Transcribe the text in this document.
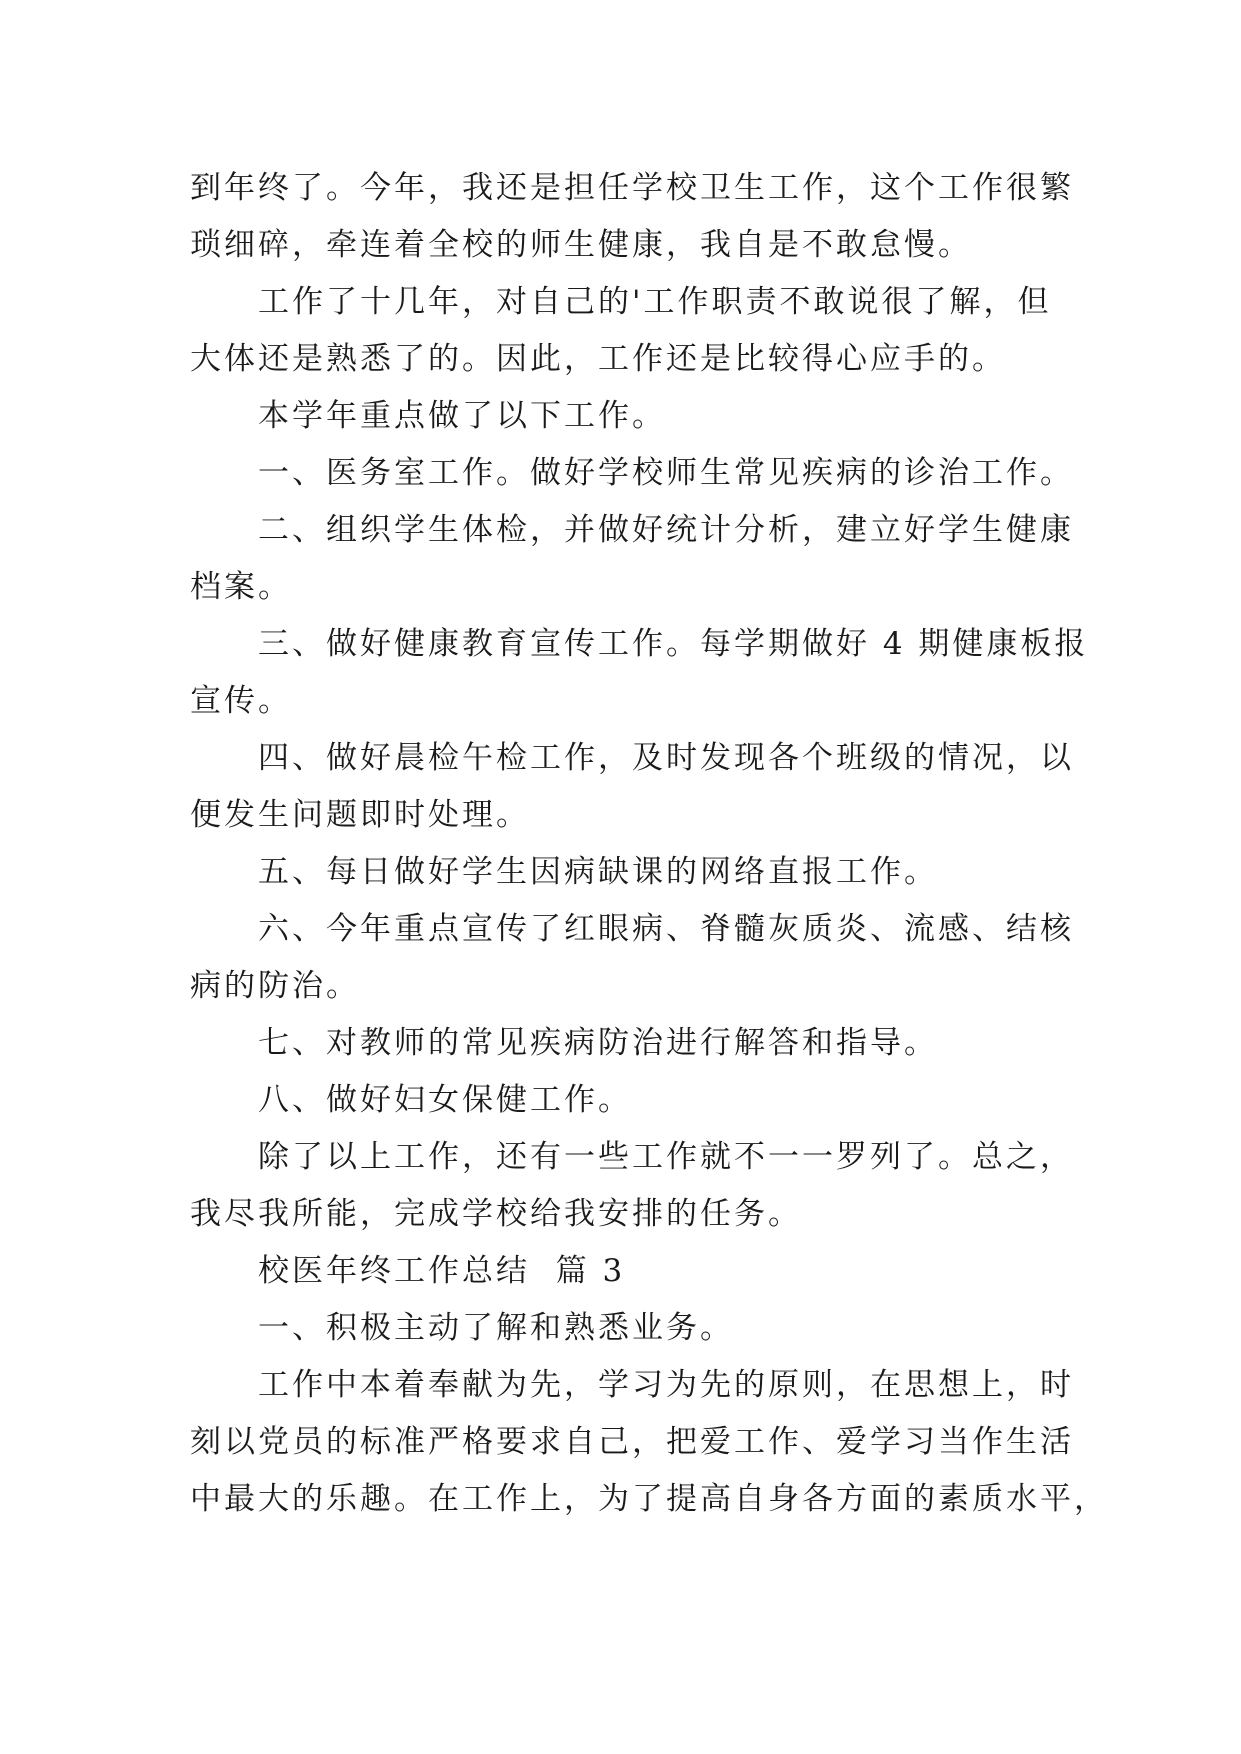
到年终了。今年，我还是担任学校卫生工作，这个工作很繁
琐细碎，牵连着全校的师生健康，我自是不敢怠慢。
工作了十几年，对自己的'工作职责不敢说很了解，但
大体还是熟悉了的。因此，工作还是比较得心应手的。
本学年重点做了以下工作。
一、医务室工作。做好学校师生常见疾病的诊治工作。
二、组织学生体检，并做好统计分析，建立好学生健康
档案。
三、做好健康教育宣传工作。每学期做好 4 期健康板报
宣传。
四、做好晨检午检工作，及时发现各个班级的情况，以
便发生问题即时处理。
五、每日做好学生因病缺课的网络直报工作。
六、今年重点宣传了红眼病、脊髓灰质炎、流感、结核
病的防治。
七、对教师的常见疾病防治进行解答和指导。
八、做好妇女保健工作。
除了以上工作，还有一些工作就不一一罗列了。总之，
我尽我所能，完成学校给我安排的任务。
校医年终工作总结  篇 3
一、积极主动了解和熟悉业务。
工作中本着奉献为先，学习为先的原则，在思想上，时
刻以党员的标准严格要求自己，把爱工作、爱学习当作生活
中最大的乐趣。在工作上，为了提高自身各方面的素质水平，
